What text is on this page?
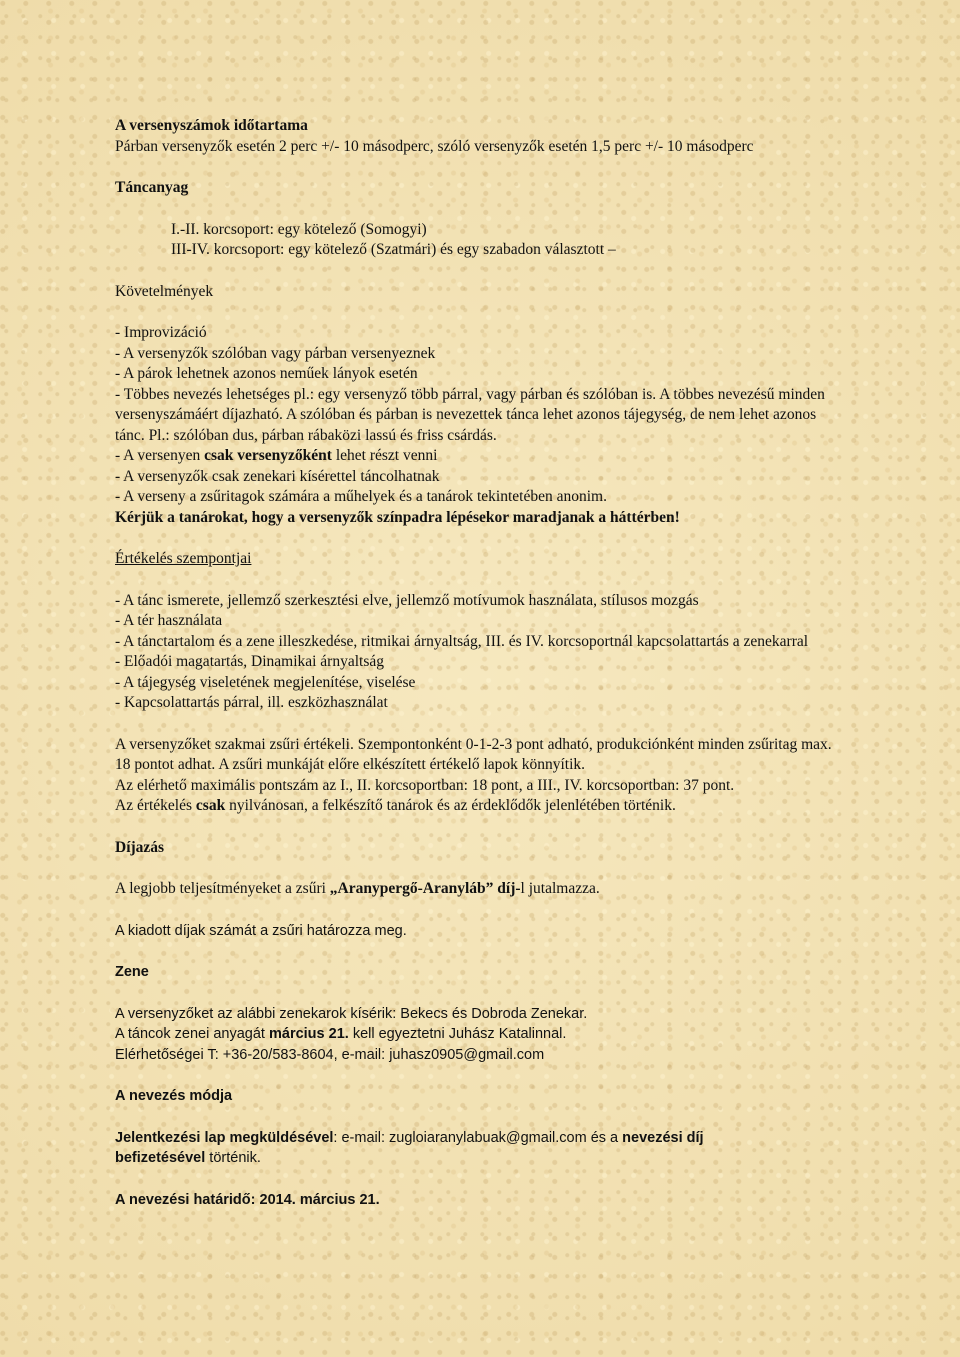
A versenyszámok időtartama
Párban versenyzők esetén 2 perc +/- 10 másodperc, szóló versenyzők esetén 1,5 perc +/- 10 másodperc
Táncanyag
I.-II. korcsoport: egy kötelező (Somogyi)
III-IV. korcsoport: egy kötelező (Szatmári) és egy szabadon választott –
Követelmények
- Improvizáció
- A versenyzők szólóban vagy párban versenyeznek
- A párok lehetnek azonos neműek lányok esetén
- Többes nevezés lehetséges pl.: egy versenyző több párral, vagy párban és szólóban is. A többes nevezésű minden versenyszámáért díjazható. A szólóban és párban is nevezettek tánca lehet azonos tájegység, de nem lehet azonos tánc. Pl.: szólóban dus, párban rábaközi lassú és friss csárdás.
- A versenyen csak versenyzőként lehet részt venni
- A versenyzők csak zenekari kísérettel táncolhatnak
- A verseny a zsűritagok számára a műhelyek és a tanárok tekintetében anonim.
Kérjük a tanárokat, hogy a versenyzők színpadra lépésekor maradjanak a háttérben!
Értékelés szempontjai
- A tánc ismerete, jellemző szerkesztési elve, jellemző motívumok használata, stílusos mozgás
- A tér használata
- A tánctartalom és a zene illeszkedése, ritmikai árnyaltság, III. és IV. korcsoportnál kapcsolattartás a zenekarral
- Előadói magatartás, Dinamikai árnyaltság
- A tájegység viseletének megjelenítése, viselése
- Kapcsolattartás párral, ill. eszközhasználat
A versenyzőket szakmai zsűri értékeli. Szempontonként 0-1-2-3 pont adható, produkciónként minden zsűritag max. 18 pontot adhat. A zsűri munkáját előre elkészített értékelő lapok könnyítik.
Az elérhető maximális pontszám az I., II. korcsoportban: 18 pont, a III., IV. korcsoportban: 37 pont.
Az értékelés csak nyilvánosan, a felkészítő tanárok és az érdeklődők jelenlétében történik.
Díjazás
A legjobb teljesítményeket a zsűri „Aranypergő-Aranyláb” díj-l jutalmazza.
A kiadott díjak számát a zsűri határozza meg.
Zene
A versenyzőket az alábbi zenekarok kísérik: Bekecs és Dobroda Zenekar.
A táncok zenei anyagát március 21. kell egyeztetni Juhász Katalinnal.
Elérhetőségei T: +36-20/583-8604, e-mail: juhasz0905@gmail.com
A nevezés módja
Jelentkezési lap megküldésével: e-mail: zugloiaranylabuak@gmail.com és a nevezési díj
befizetésével történik.
A nevezési határidő: 2014. március 21.
